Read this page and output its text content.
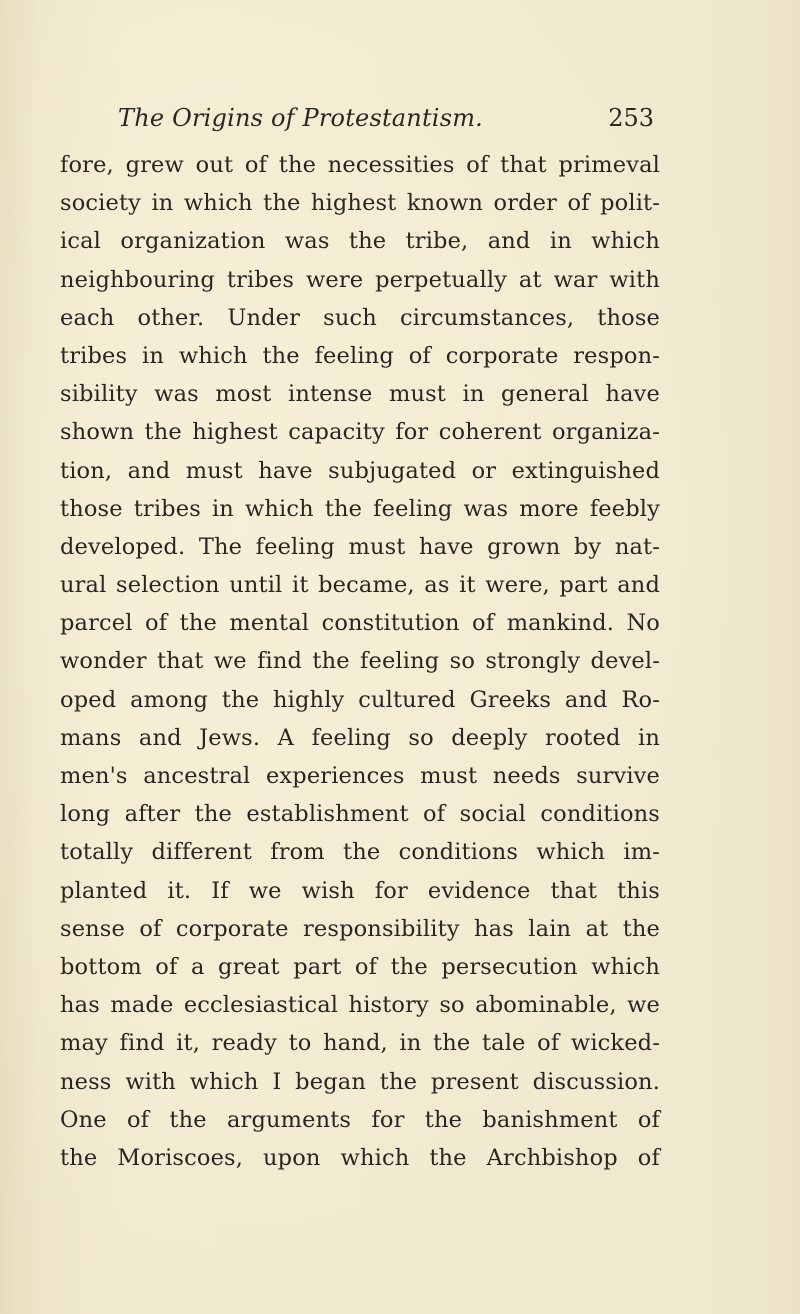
The Origins of Protestantism.	253
fore, grew out of the necessities of that primeval
society in which the highest known order of polit-
ical organization was the tribe, and in which
neighbouring tribes were perpetually at war with
each other. Under such circumstances, those
tribes in which the feeling of corporate respon-
sibility was most intense must in general have
shown the highest capacity for coherent organiza-
tion, and must have subjugated or extinguished
those tribes in which the feeling was more feebly
developed. The feeling must have grown by nat-
ural selection until it became, as it were, part and
parcel of the mental constitution of mankind. No
wonder that we find the feeling so strongly devel-
oped among the highly cultured Greeks and Ro-
mans and Jews. A feeling so deeply rooted in
men's ancestral experiences must needs survive
long after the establishment of social conditions
totally different from the conditions which im-
planted it. If we wish for evidence that this
sense of corporate responsibility has lain at the
bottom of a great part of the persecution which
has made ecclesiastical history so abominable, we
may find it, ready to hand, in the tale of wicked-
ness with which I began the present discussion.
One of the arguments for the banishment of
the Moriscoes, upon which the Archbishop of
